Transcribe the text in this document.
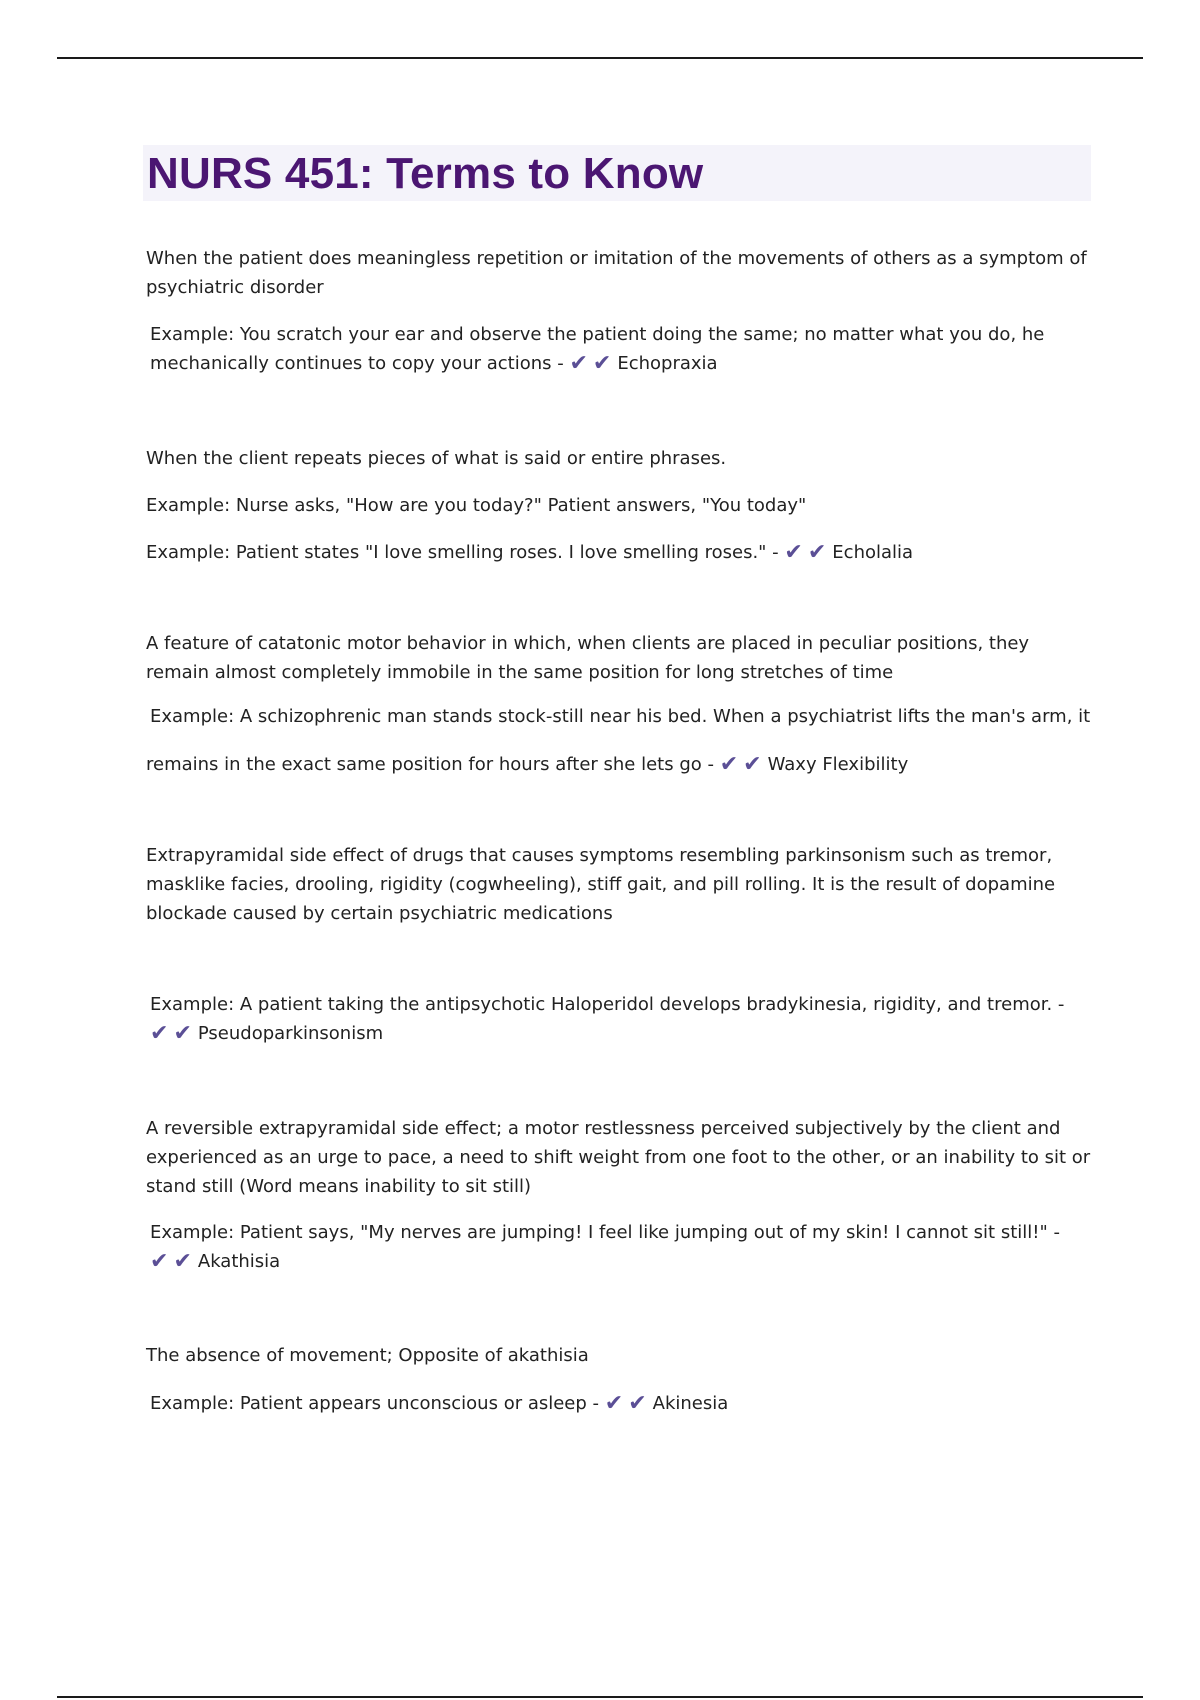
NURS 451: Terms to Know

When the patient does meaningless repetition or imitation of the movements of others as a symptom of psychiatric disorder

Example: You scratch your ear and observe the patient doing the same; no matter what you do, he mechanically continues to copy your actions - ✔ ✔ Echopraxia

When the client repeats pieces of what is said or entire phrases.

Example: Nurse asks, "How are you today?" Patient answers, "You today"

Example: Patient states "I love smelling roses. I love smelling roses." - ✔ ✔ Echolalia

A feature of catatonic motor behavior in which, when clients are placed in peculiar positions, they remain almost completely immobile in the same position for long stretches of time

Example: A schizophrenic man stands stock-still near his bed. When a psychiatrist lifts the man's arm, it

remains in the exact same position for hours after she lets go - ✔ ✔ Waxy Flexibility

Extrapyramidal side effect of drugs that causes symptoms resembling parkinsonism such as tremor, masklike facies, drooling, rigidity (cogwheeling), stiff gait, and pill rolling. It is the result of dopamine blockade caused by certain psychiatric medications

Example: A patient taking the antipsychotic Haloperidol develops bradykinesia, rigidity, and tremor. - ✔ ✔ Pseudoparkinsonism

A reversible extrapyramidal side effect; a motor restlessness perceived subjectively by the client and experienced as an urge to pace, a need to shift weight from one foot to the other, or an inability to sit or stand still (Word means inability to sit still)

Example: Patient says, "My nerves are jumping! I feel like jumping out of my skin! I cannot sit still!" - ✔ ✔ Akathisia

The absence of movement; Opposite of akathisia

Example: Patient appears unconscious or asleep - ✔ ✔ Akinesia
